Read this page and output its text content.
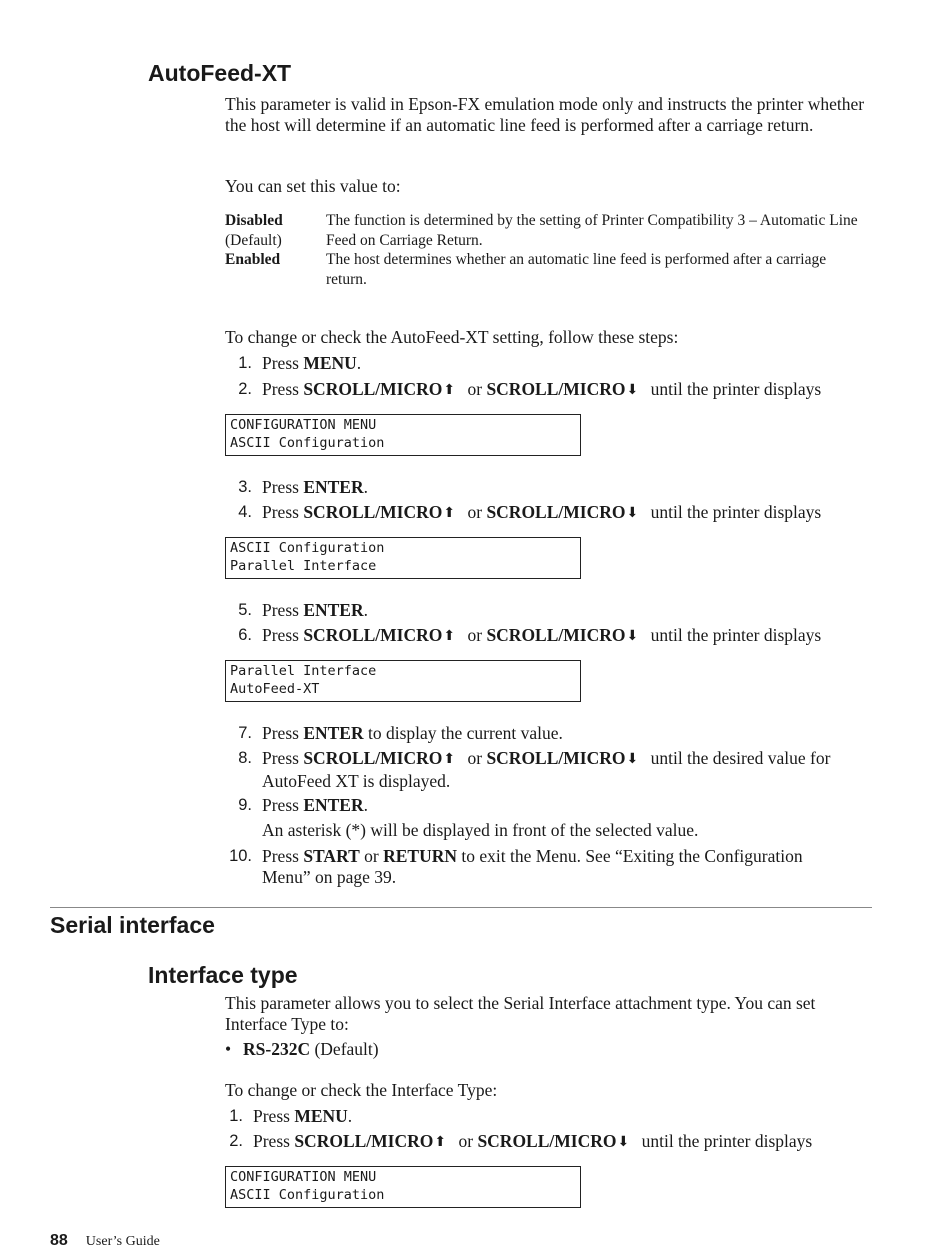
AutoFeed-XT

This parameter is valid in Epson-FX emulation mode only and instructs the printer whether the host will determine if an automatic line feed is performed after a carriage return.

You can set this value to:

Disabled
(Default)
The function is determined by the setting of Printer Compatibility 3 – Automatic Line Feed on Carriage Return.
Enabled	The host determines whether an automatic line feed is performed after a carriage return.

To change or check the AutoFeed-XT setting, follow these steps:

1. Press MENU.
2. Press SCROLL/MICRO⬆ or SCROLL/MICRO⬇ until the printer displays
CONFIGURATION MENU
ASCII Configuration
3. Press ENTER.
4. Press SCROLL/MICRO⬆ or SCROLL/MICRO⬇ until the printer displays
ASCII Configuration
Parallel Interface
5. Press ENTER.
6. Press SCROLL/MICRO⬆ or SCROLL/MICRO⬇ until the printer displays
Parallel Interface
AutoFeed-XT
7. Press ENTER to display the current value.
8. Press SCROLL/MICRO⬆ or SCROLL/MICRO⬇ until the desired value for
AutoFeed XT is displayed.
9. Press ENTER.
An asterisk (*) will be displayed in front of the selected value.
10. Press START or RETURN to exit the Menu. See “Exiting the Configuration
Menu” on page 39.
Serial interface
Interface type

This parameter allows you to select the Serial Interface attachment type. You can set Interface Type to:

• RS-232C (Default)

To change or check the Interface Type:

1. Press MENU.
2. Press SCROLL/MICRO⬆ or SCROLL/MICRO⬇ until the printer displays
CONFIGURATION MENU
ASCII Configuration
88 User’s Guide
